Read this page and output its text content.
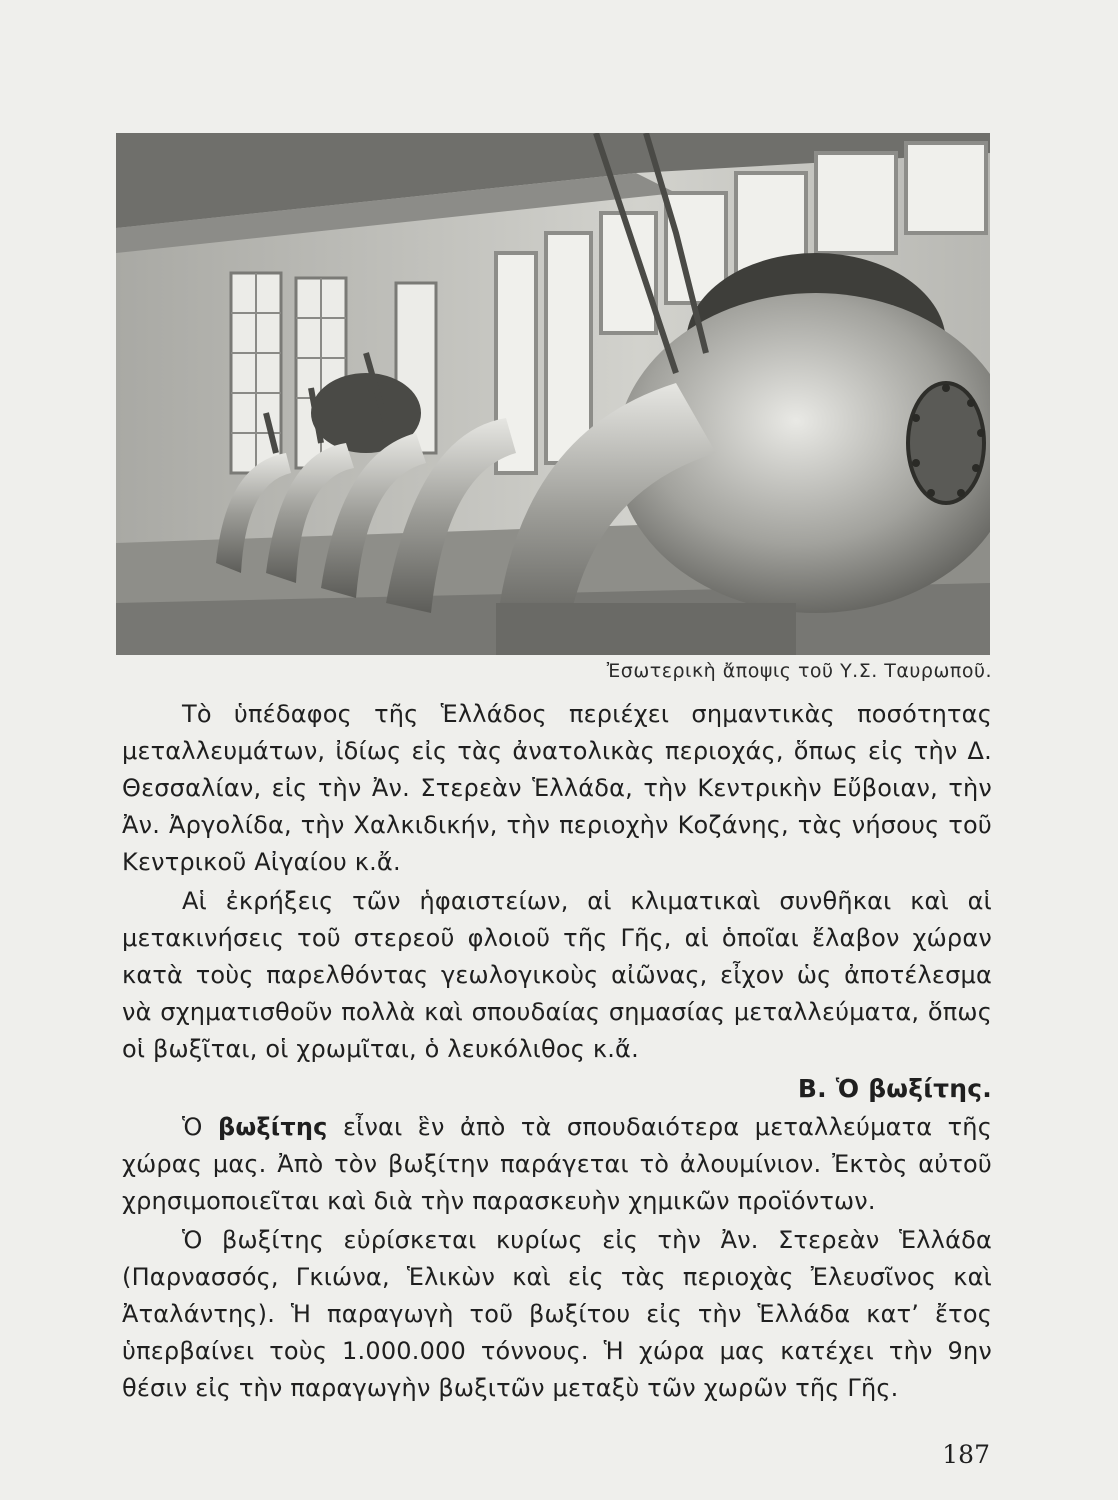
Ἐσωτερικὴ ἄποψις τοῦ Υ.Σ. Ταυρωποῦ.

Τὸ ὑπέδαφος τῆς Ἑλλάδος περιέχει σημαντικὰς ποσότητας μεταλλευμάτων, ἰδίως εἰς τὰς ἀνατολικὰς περιοχάς, ὅπως εἰς τὴν Δ. Θεσσαλίαν, εἰς τὴν Ἀν. Στερεὰν Ἑλλάδα, τὴν Κεντρικὴν Εὔβοιαν, τὴν Ἀν. Ἀργολίδα, τὴν Χαλκιδικήν, τὴν περιοχὴν Κοζάνης, τὰς νήσους τοῦ Κεντρικοῦ Αἰγαίου κ.ἄ.

Αἱ ἐκρήξεις τῶν ἡφαιστείων, αἱ κλιματικαὶ συνθῆκαι καὶ αἱ μετακινήσεις τοῦ στερεοῦ φλοιοῦ τῆς Γῆς, αἱ ὁποῖαι ἔλαβον χώραν κατὰ τοὺς παρελθόντας γεωλογικοὺς αἰῶνας, εἶχον ὡς ἀποτέλεσμα νὰ σχηματισθοῦν πολλὰ καὶ σπουδαίας σημασίας μεταλλεύματα, ὅπως οἱ βωξῖται, οἱ χρωμῖται, ὁ λευκόλιθος κ.ἄ.

Β. Ὁ βωξίτης.

Ὁ βωξίτης εἶναι ἓν ἀπὸ τὰ σπουδαιότερα μεταλλεύματα τῆς χώρας μας. Ἀπὸ τὸν βωξίτην παράγεται τὸ ἀλουμίνιον. Ἐκτὸς αὐτοῦ χρησιμοποιεῖται καὶ διὰ τὴν παρασκευὴν χημικῶν προϊόντων.

Ὁ βωξίτης εὑρίσκεται κυρίως εἰς τὴν Ἀν. Στερεὰν Ἑλλάδα (Παρνασσός, Γκιώνα, Ἑλικὼν καὶ εἰς τὰς περιοχὰς Ἐλευσῖνος καὶ Ἀταλάντης). Ἡ παραγωγὴ τοῦ βωξίτου εἰς τὴν Ἑλλάδα κατ’ ἔτος ὑπερβαίνει τοὺς 1.000.000 τόννους. Ἡ χώρα μας κατέχει τὴν 9ην θέσιν εἰς τὴν παραγωγὴν βωξιτῶν μεταξὺ τῶν χωρῶν τῆς Γῆς.

187
